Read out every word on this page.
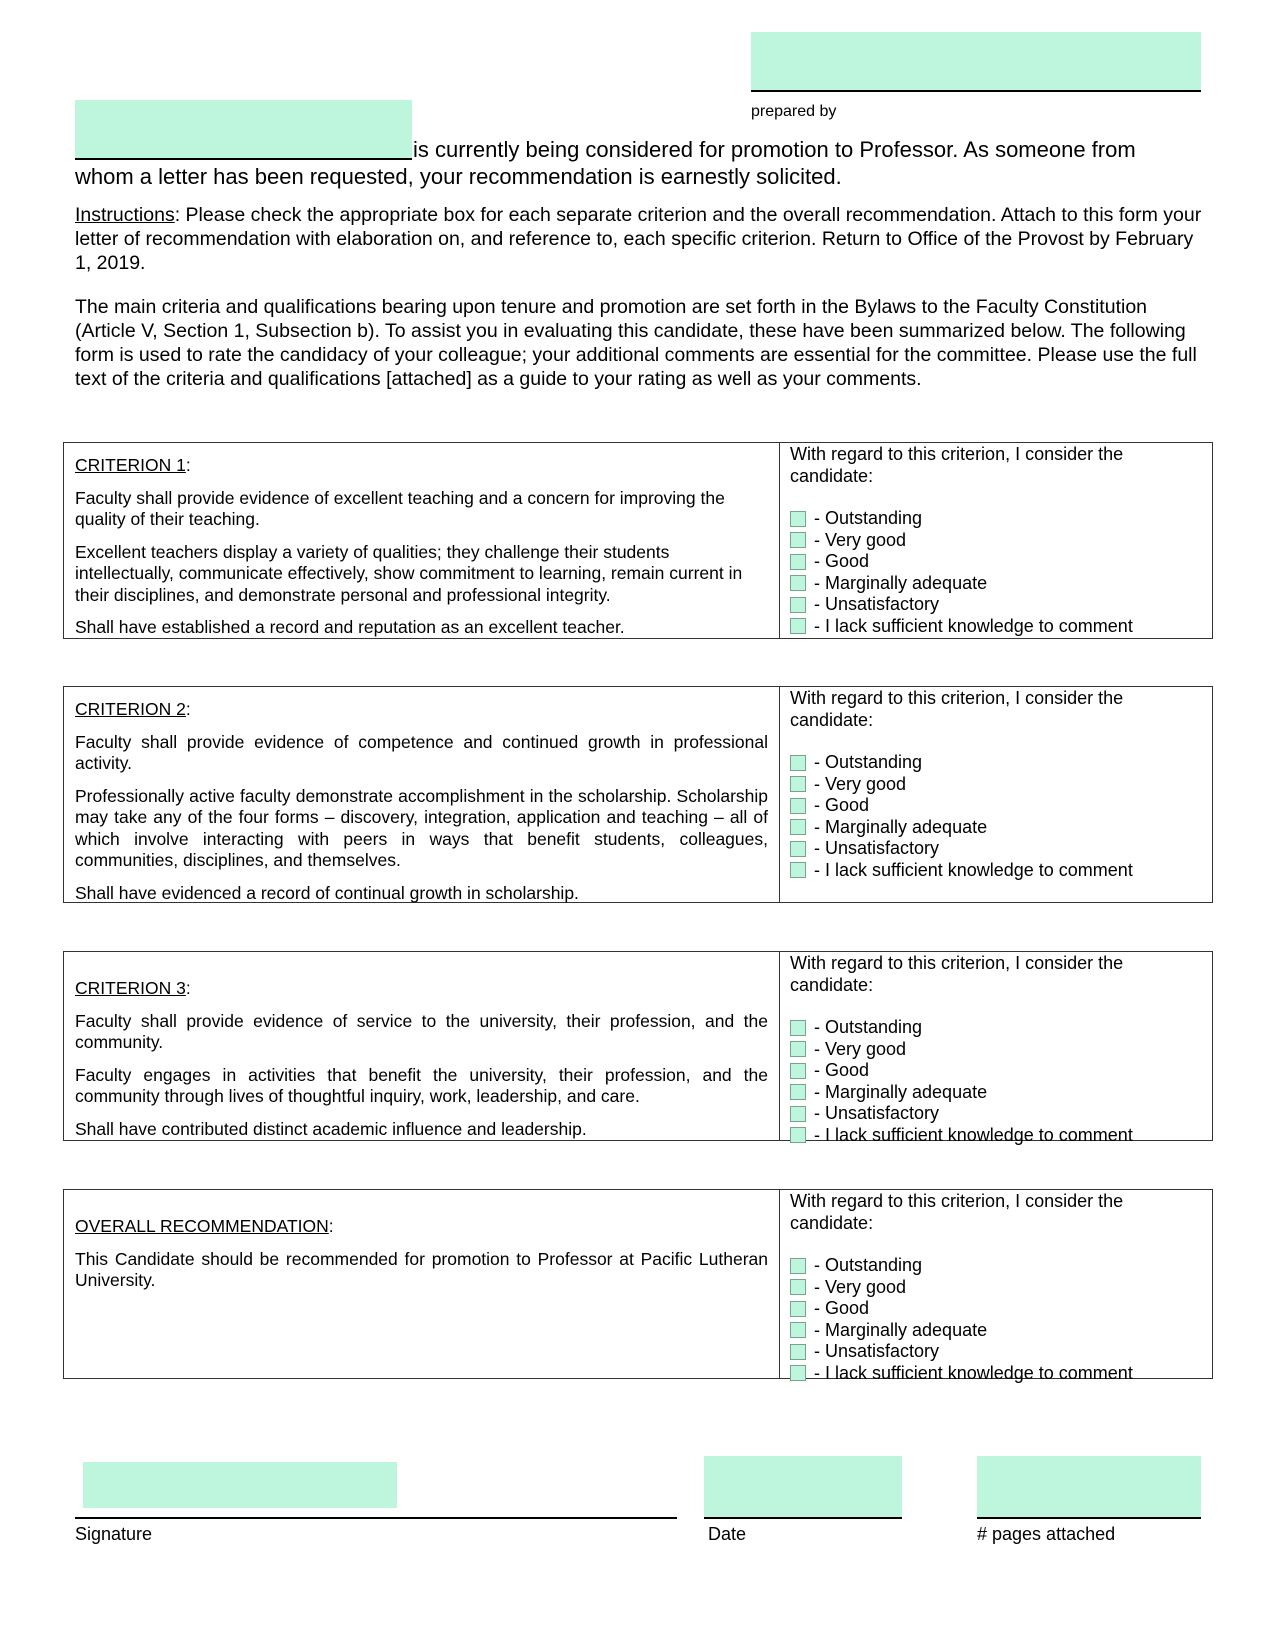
prepared by
is currently being considered for promotion to Professor. As someone from
whom a letter has been requested, your recommendation is earnestly solicited.
Instructions: Please check the appropriate box for each separate criterion and the overall recommendation. Attach to this form your letter of recommendation with elaboration on, and reference to, each specific criterion. Return to Office of the Provost by February 1, 2019.
The main criteria and qualifications bearing upon tenure and promotion are set forth in the Bylaws to the Faculty Constitution (Article V, Section 1, Subsection b). To assist you in evaluating this candidate, these have been summarized below. The following form is used to rate the candidacy of your colleague; your additional comments are essential for the committee. Please use the full text of the criteria and qualifications [attached] as a guide to your rating as well as your comments.
CRITERION 1:

Faculty shall provide evidence of excellent teaching and a concern for improving the quality of their teaching.

Excellent teachers display a variety of qualities; they challenge their students intellectually, communicate effectively, show commitment to learning, remain current in their disciplines, and demonstrate personal and professional integrity.

Shall have established a record and reputation as an excellent teacher.

With regard to this criterion, I consider the candidate:
- Outstanding
- Very good
- Good
- Marginally adequate
- Unsatisfactory
- I lack sufficient knowledge to comment
CRITERION 2:

Faculty shall provide evidence of competence and continued growth in professional activity.

Professionally active faculty demonstrate accomplishment in the scholarship. Scholarship may take any of the four forms – discovery, integration, application and teaching – all of which involve interacting with peers in ways that benefit students, colleagues, communities, disciplines, and themselves.

Shall have evidenced a record of continual growth in scholarship.

With regard to this criterion, I consider the candidate:
- Outstanding
- Very good
- Good
- Marginally adequate
- Unsatisfactory
- I lack sufficient knowledge to comment
CRITERION 3:

Faculty shall provide evidence of service to the university, their profession, and the community.

Faculty engages in activities that benefit the university, their profession, and the community through lives of thoughtful inquiry, work, leadership, and care.

Shall have contributed distinct academic influence and leadership.

With regard to this criterion, I consider the candidate:
- Outstanding
- Very good
- Good
- Marginally adequate
- Unsatisfactory
- I lack sufficient knowledge to comment
OVERALL RECOMMENDATION:

This Candidate should be recommended for promotion to Professor at Pacific Lutheran University.

With regard to this criterion, I consider the candidate:
- Outstanding
- Very good
- Good
- Marginally adequate
- Unsatisfactory
- I lack sufficient knowledge to comment
Signature	Date	# pages attached
